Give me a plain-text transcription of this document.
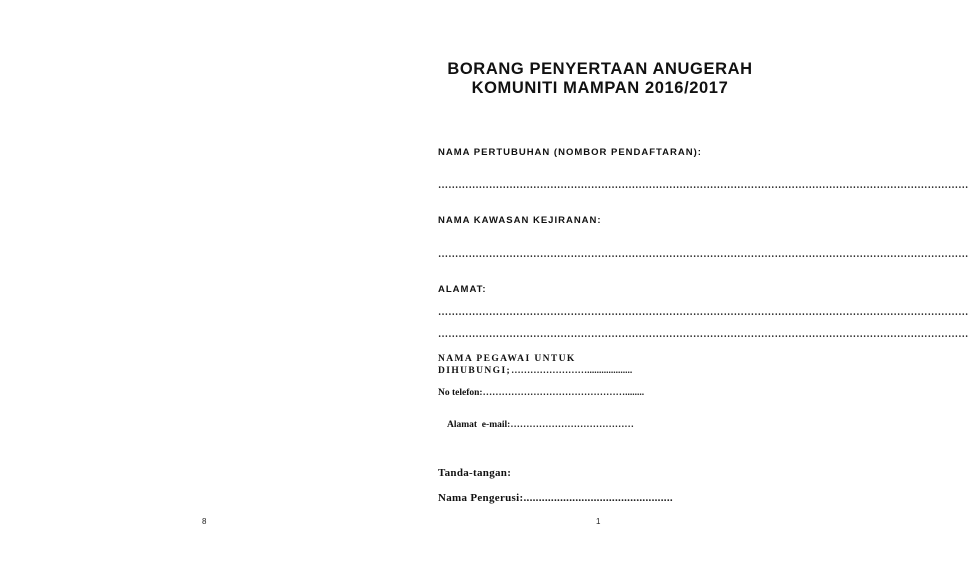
8
BORANG PENYERTAAN ANUGERAH
KOMUNITI MAMPAN 2016/2017
NAMA PERTUBUHAN (NOMBOR PENDAFTARAN):
…………………………………………………………………………………………………………………………………………
NAMA KAWASAN KEJIRANAN:
…………………………………………………………………………………………………………………………………………
ALAMAT:
…………………………………………………………………………………………………………………………………………
…………………………………………………………………………………………………………………………………………
NAMA PEGAWAI UNTUK
DIHUBUNGI;……………………...................
No telefon:………………………………………........

Alamat  e-mail:…………………………………

Tanda-tangan:
Nama Pengerusi:.................................................
1
